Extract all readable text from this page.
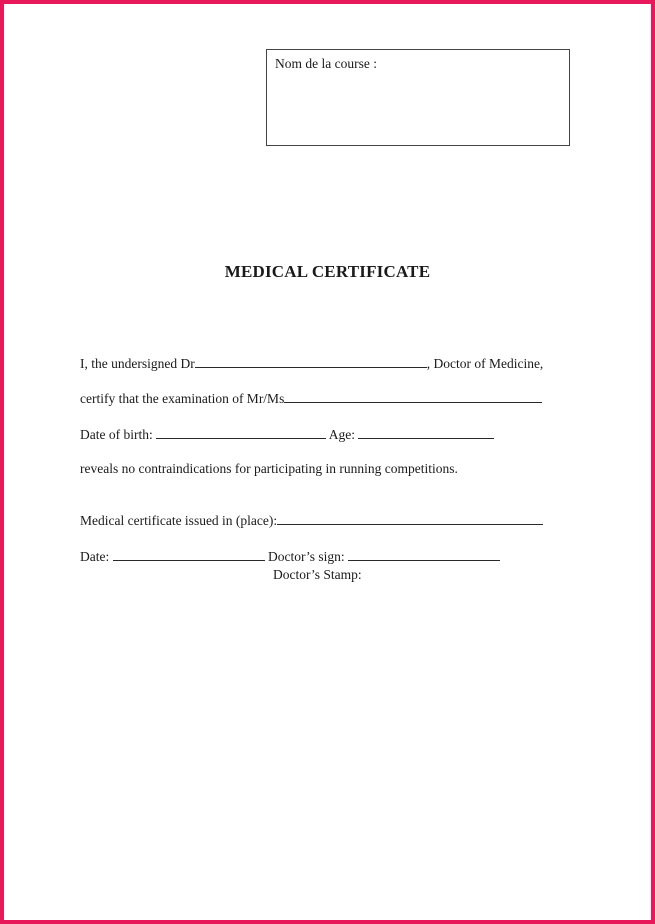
Nom de la course :
MEDICAL CERTIFICATE
I, the undersigned Dr	, Doctor of Medicine,
certify that the examination of Mr/Ms
Date of birth:	Age:
reveals no contraindications for participating in running competitions.
Medical certificate issued in (place):
Date:	Doctor’s sign:
Doctor’s Stamp:
